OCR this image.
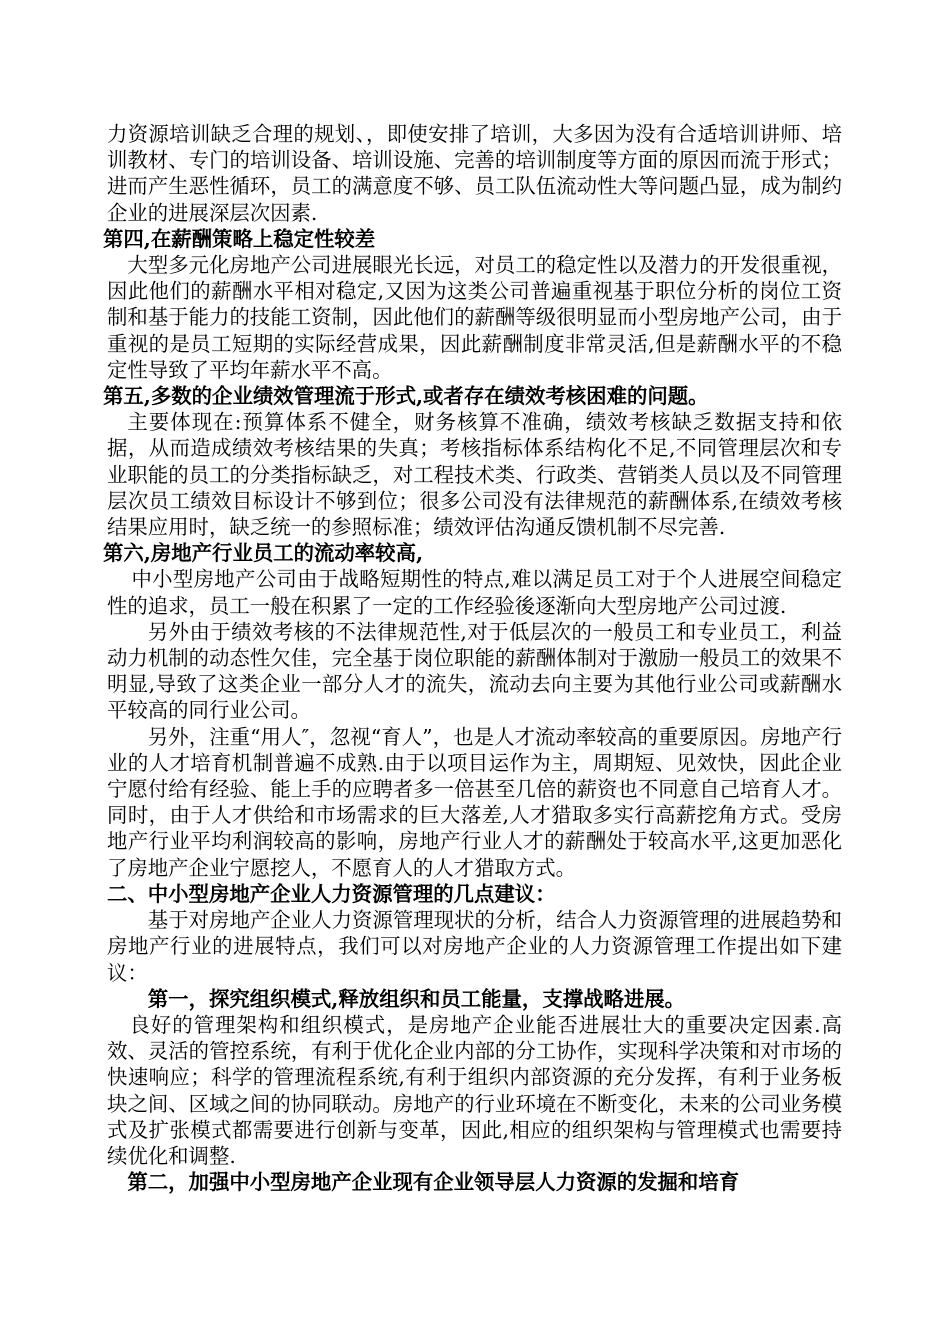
力资源培训缺乏合理的规划、，即使安排了培训，大多因为没有合适培训讲师、培训教材、专门的培训设备、培训设施、完善的培训制度等方面的原因而流于形式；进而产生恶性循环，员工的满意度不够、员工队伍流动性大等问题凸显，成为制约企业的进展深层次因素.

第四,在薪酬策略上稳定性较差

大型多元化房地产公司进展眼光长远，对员工的稳定性以及潜力的开发很重视，因此他们的薪酬水平相对稳定,又因为这类公司普遍重视基于职位分析的岗位工资制和基于能力的技能工资制，因此他们的薪酬等级很明显而小型房地产公司，由于重视的是员工短期的实际经营成果，因此薪酬制度非常灵活,但是薪酬水平的不稳定性导致了平均年薪水平不高。

第五,多数的企业绩效管理流于形式,或者存在绩效考核困难的问题。

主要体现在:预算体系不健全，财务核算不准确，绩效考核缺乏数据支持和依据，从而造成绩效考核结果的失真；考核指标体系结构化不足,不同管理层次和专业职能的员工的分类指标缺乏，对工程技术类、行政类、营销类人员以及不同管理层次员工绩效目标设计不够到位；很多公司没有法律规范的薪酬体系,在绩效考核结果应用时，缺乏统一的参照标准；绩效评估沟通反馈机制不尽完善.

第六,房地产行业员工的流动率较高,

中小型房地产公司由于战略短期性的特点,难以满足员工对于个人进展空间稳定性的追求，员工一般在积累了一定的工作经验後逐渐向大型房地产公司过渡.

另外由于绩效考核的不法律规范性,对于低层次的一般员工和专业员工，利益动力机制的动态性欠佳，完全基于岗位职能的薪酬体制对于激励一般员工的效果不明显,导致了这类企业一部分人才的流失，流动去向主要为其他行业公司或薪酬水平较高的同行业公司。

另外，注重“用人″，忽视“育人”，也是人才流动率较高的重要原因。房地产行业的人才培育机制普遍不成熟.由于以项目运作为主，周期短、见效快，因此企业宁愿付给有经验、能上手的应聘者多一倍甚至几倍的薪资也不同意自己培育人才。同时，由于人才供给和市场需求的巨大落差,人才猎取多实行高薪挖角方式。受房地产行业平均利润较高的影响，房地产行业人才的薪酬处于较高水平,这更加恶化了房地产企业宁愿挖人，不愿育人的人才猎取方式。

二、中小型房地产企业人力资源管理的几点建议：

基于对房地产企业人力资源管理现状的分析，结合人力资源管理的进展趋势和房地产行业的进展特点，我们可以对房地产企业的人力资源管理工作提出如下建议：

第一，探究组织模式,释放组织和员工能量，支撑战略进展。

良好的管理架构和组织模式，是房地产企业能否进展壮大的重要决定因素.高效、灵活的管控系统，有利于优化企业内部的分工协作，实现科学决策和对市场的快速响应；科学的管理流程系统,有利于组织内部资源的充分发挥，有利于业务板块之间、区域之间的协同联动。房地产的行业环境在不断变化，未来的公司业务模式及扩张模式都需要进行创新与变革，因此,相应的组织架构与管理模式也需要持续优化和调整.

第二，加强中小型房地产企业现有企业领导层人力资源的发掘和培育
